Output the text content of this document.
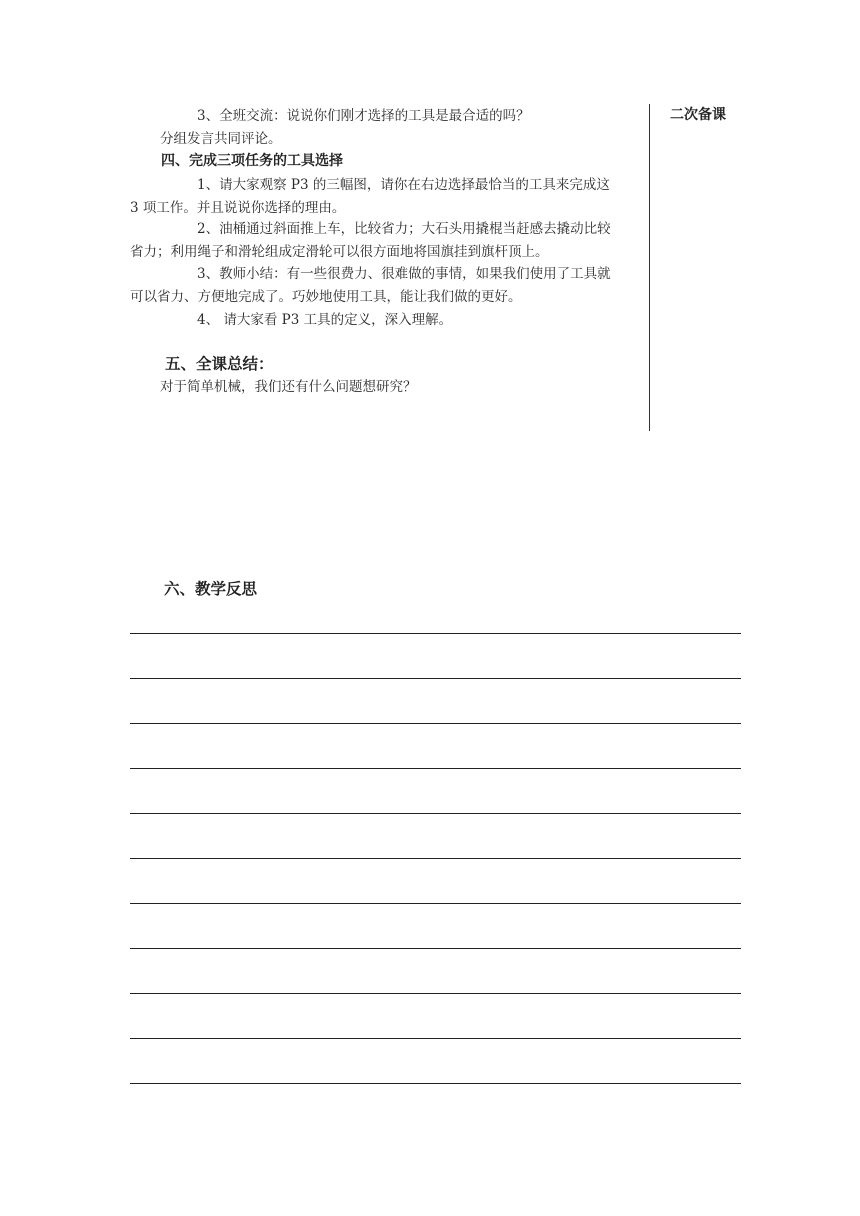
3、全班交流：说说你们刚才选择的工具是最合适的吗？
分组发言共同评论。
四、完成三项任务的工具选择
1、请大家观察 P3 的三幅图，请你在右边选择最恰当的工具来完成这
3 项工作。并且说说你选择的理由。
2、油桶通过斜面推上车，比较省力；大石头用撬棍当赶感去撬动比较
省力；利用绳子和滑轮组成定滑轮可以很方面地将国旗挂到旗杆顶上。
3、教师小结：有一些很费力、很难做的事情，如果我们使用了工具就
可以省力、方便地完成了。巧妙地使用工具，能让我们做的更好。
4、 请大家看 P3 工具的定义，深入理解。
五、全课总结：
对于简单机械，我们还有什么问题想研究？
二次备课
六、教学反思
